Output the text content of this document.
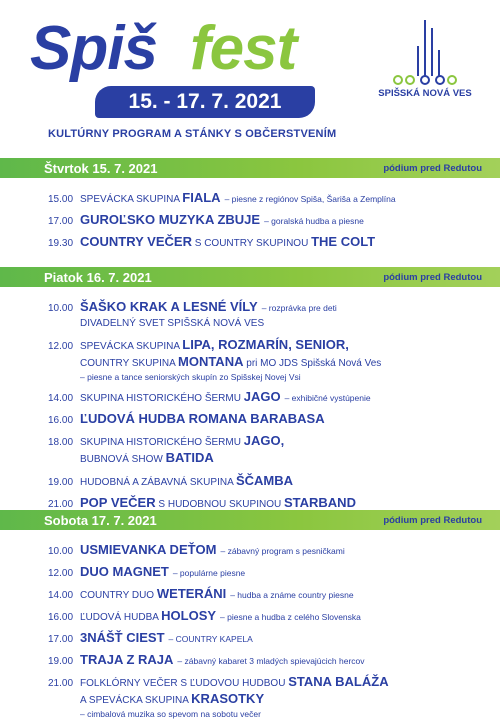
Spiš fest
15. - 17. 7. 2021
KULTÚRNY PROGRAM A STÁNKY S OBČERSTVENÍM
SPIŠSKÁ NOVÁ VES
Štvrtok 15. 7. 2021	pódium pred Redutou
15.00 SPEVÁCKA SKUPINA FIALA – piesne z regiónov Spiša, Šariša a Zemplína
17.00 GUROĽSKO MUZYKA ZBUJE – goralská hudba a piesne
19.30 COUNTRY VEČER S COUNTRY SKUPINOU THE COLT
Piatok 16. 7. 2021	pódium pred Redutou
10.00 ŠAŠKO KRAK A LESNÉ VÍLY – rozprávka pre deti
DIVADELNÝ SVET SPIŠSKÁ NOVÁ VES
12.00 SPEVÁCKA SKUPINA LIPA, ROZMARÍN, SENIOR,
COUNTRY SKUPINA MONTANA pri MO JDS Spišská Nová Ves
– piesne a tance seniorských skupín zo Spišskej Novej Vsi
14.00 SKUPINA HISTORICKÉHO ŠERMU JAGO – exhibičné vystúpenie
16.00 ĽUDOVÁ HUDBA ROMANA BARABASA
18.00 SKUPINA HISTORICKÉHO ŠERMU JAGO,
BUBNOVÁ SHOW BATIDA
19.00 HUDOBNÁ A ZÁBAVNÁ SKUPINA ŠČAMBA
21.00 POP VEČER S HUDOBNOU SKUPINOU STARBAND
Sobota 17. 7. 2021	pódium pred Redutou
10.00 USMIEVANKA DEŤOM – zábavný program s pesničkami
12.00 DUO MAGNET – populárne piesne
14.00 COUNTRY DUO WETERÁNI – hudba a známe country piesne
16.00 ĽUDOVÁ HUDBA HOLOSY – piesne a hudba z celého Slovenska
17.00 3NÁŠŤ CIEST – COUNTRY KAPELA
19.00 TRAJA Z RAJA – zábavný kabaret 3 mladých spievajúcich hercov
21.00 FOLKLÓRNY VEČER S ĽUDOVOU HUDBOU STANA BALÁŽA
A SPEVÁCKA SKUPINA KRASOTKY
– cimbalová muzika so spevom na sobotu večer
